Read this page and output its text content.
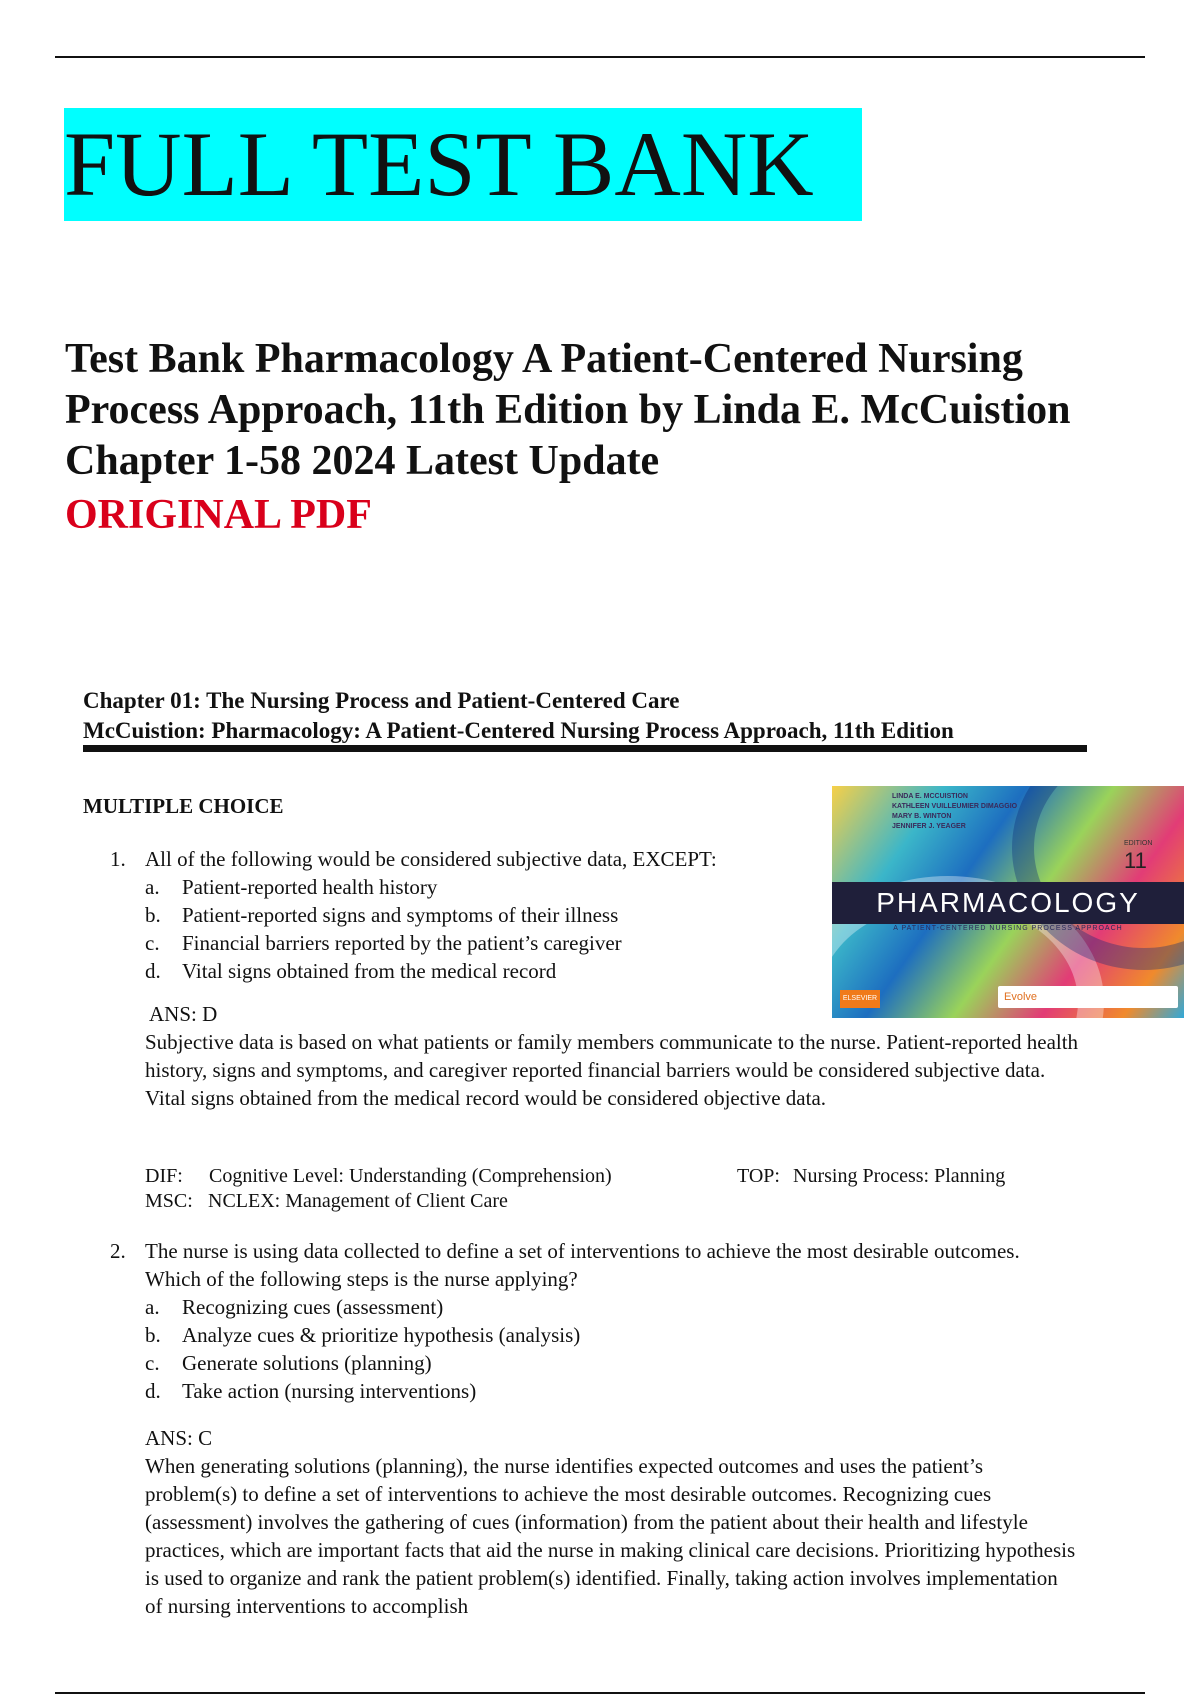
FULL TEST BANK
Test Bank Pharmacology A Patient-Centered Nursing Process Approach, 11th Edition by Linda E. McCuistion Chapter 1-58 2024 Latest Update
ORIGINAL PDF
Chapter 01: The Nursing Process and Patient-Centered Care
McCuistion: Pharmacology: A Patient-Centered Nursing Process Approach, 11th Edition
MULTIPLE CHOICE	LINDA E. MCCUISTION
KATHLEEN VUILLEUMIER DIMAGGIO
MARY B. WINTON
JENNIFER J. YEAGER
EDITION
11
PHARMACOLOGY
A PATIENT-CENTERED NURSING PROCESS APPROACH
ELSEVIER	Evolve
1. All of the following would be considered subjective data, EXCEPT:
a. Patient-reported health history
b. Patient-reported signs and symptoms of their illness
c. Financial barriers reported by the patient’s caregiver
d. Vital signs obtained from the medical record

ANS: D

Subjective data is based on what patients or family members communicate to the nurse. Patient-reported health history, signs and symptoms, and caregiver reported financial barriers would be considered subjective data. Vital signs obtained from the medical record would be considered objective data.

DIF: Cognitive Level: Understanding (Comprehension)	TOP: Nursing Process: Planning
MSC: NCLEX: Management of Client Care
2. The nurse is using data collected to define a set of interventions to achieve the most desirable outcomes. Which of the following steps is the nurse applying?
a. Recognizing cues (assessment)
b. Analyze cues & prioritize hypothesis (analysis)
c. Generate solutions (planning)
d. Take action (nursing interventions)

ANS: C

When generating solutions (planning), the nurse identifies expected outcomes and uses the patient’s problem(s) to define a set of interventions to achieve the most desirable outcomes. Recognizing cues (assessment) involves the gathering of cues (information) from the patient about their health and lifestyle practices, which are important facts that aid the nurse in making clinical care decisions. Prioritizing hypothesis is used to organize and rank the patient problem(s) identified. Finally, taking action involves implementation of nursing interventions to accomplish
